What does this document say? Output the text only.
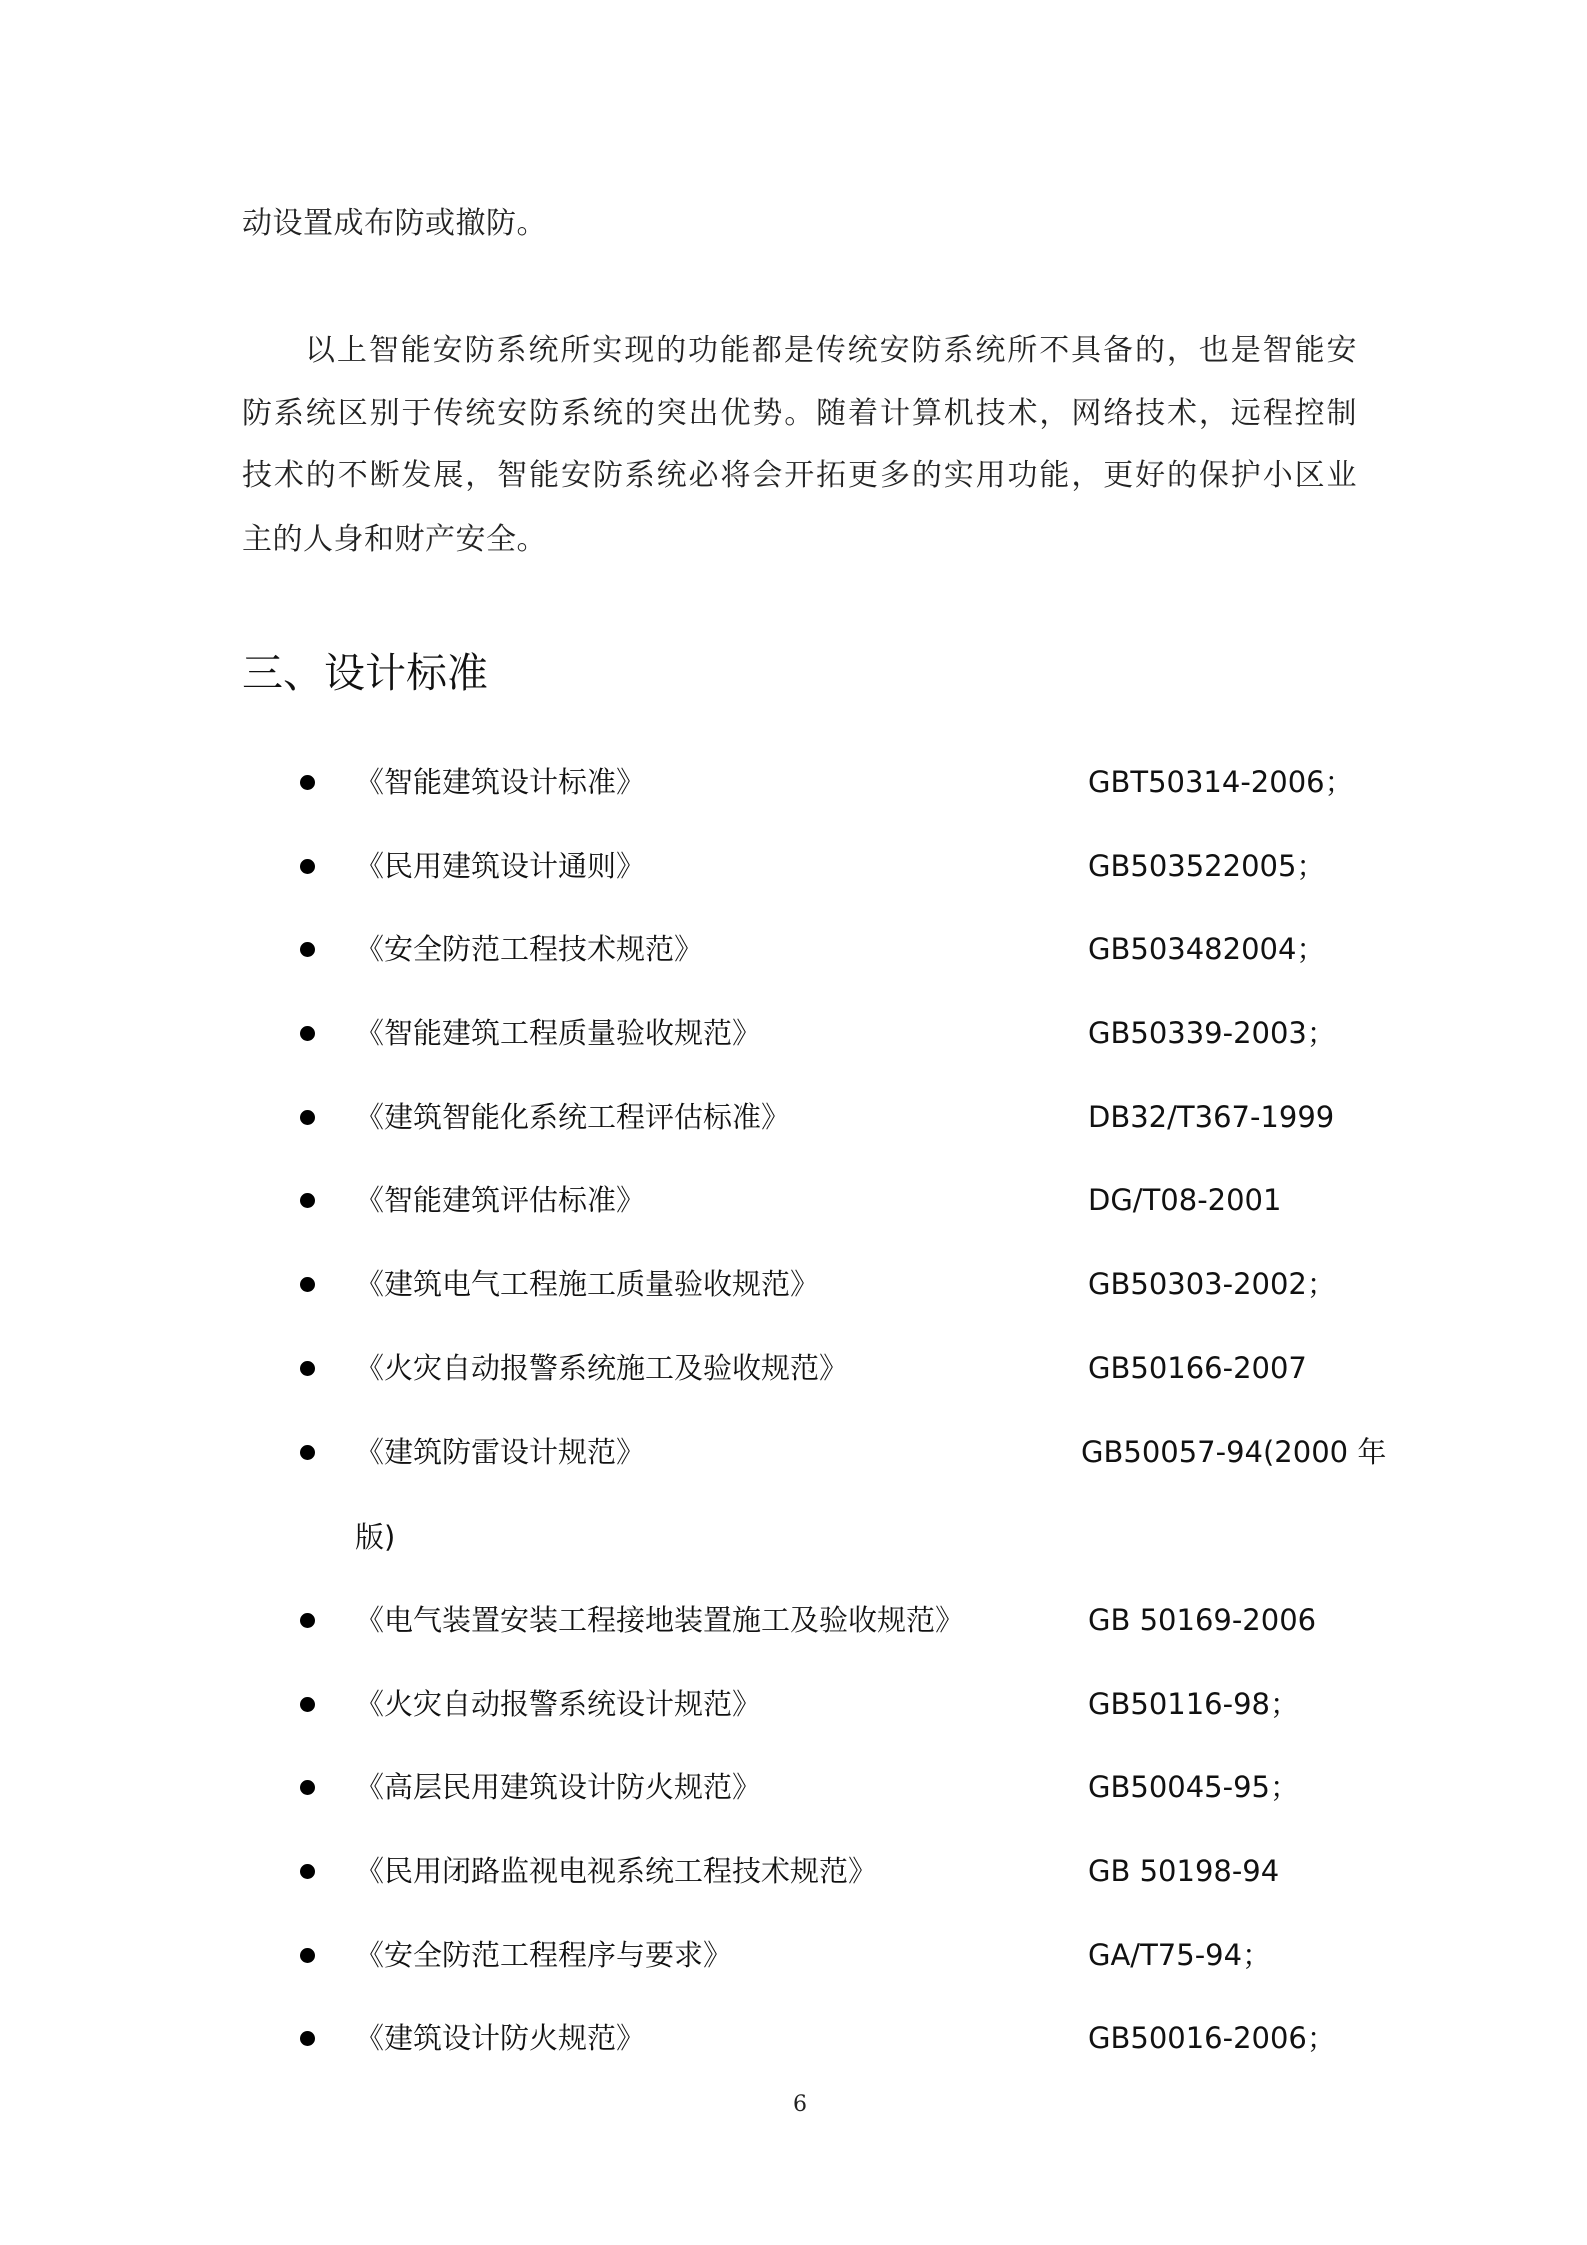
动设置成布防或撤防。
以上智能安防系统所实现的功能都是传统安防系统所不具备的，也是智能安
防系统区别于传统安防系统的突出优势。随着计算机技术，网络技术，远程控制
技术的不断发展，智能安防系统必将会开拓更多的实用功能，更好的保护小区业
主的人身和财产安全。
三、设计标准
《智能建筑设计标准》	GBT50314-2006；
《民用建筑设计通则》	GB503522005；
《安全防范工程技术规范》	GB503482004；
《智能建筑工程质量验收规范》	GB50339-2003；
《建筑智能化系统工程评估标准》	DB32/T367-1999
《智能建筑评估标准》	DG/T08-2001
《建筑电气工程施工质量验收规范》	GB50303-2002；
《火灾自动报警系统施工及验收规范》	GB50166-2007
《建筑防雷设计规范》	GB50057-94(2000 年
版)
《电气装置安装工程接地装置施工及验收规范》	GB 50169-2006
《火灾自动报警系统设计规范》	GB50116-98；
《高层民用建筑设计防火规范》	GB50045-95；
《民用闭路监视电视系统工程技术规范》	GB 50198-94
《安全防范工程程序与要求》	GA/T75-94；
《建筑设计防火规范》	GB50016-2006；
6
